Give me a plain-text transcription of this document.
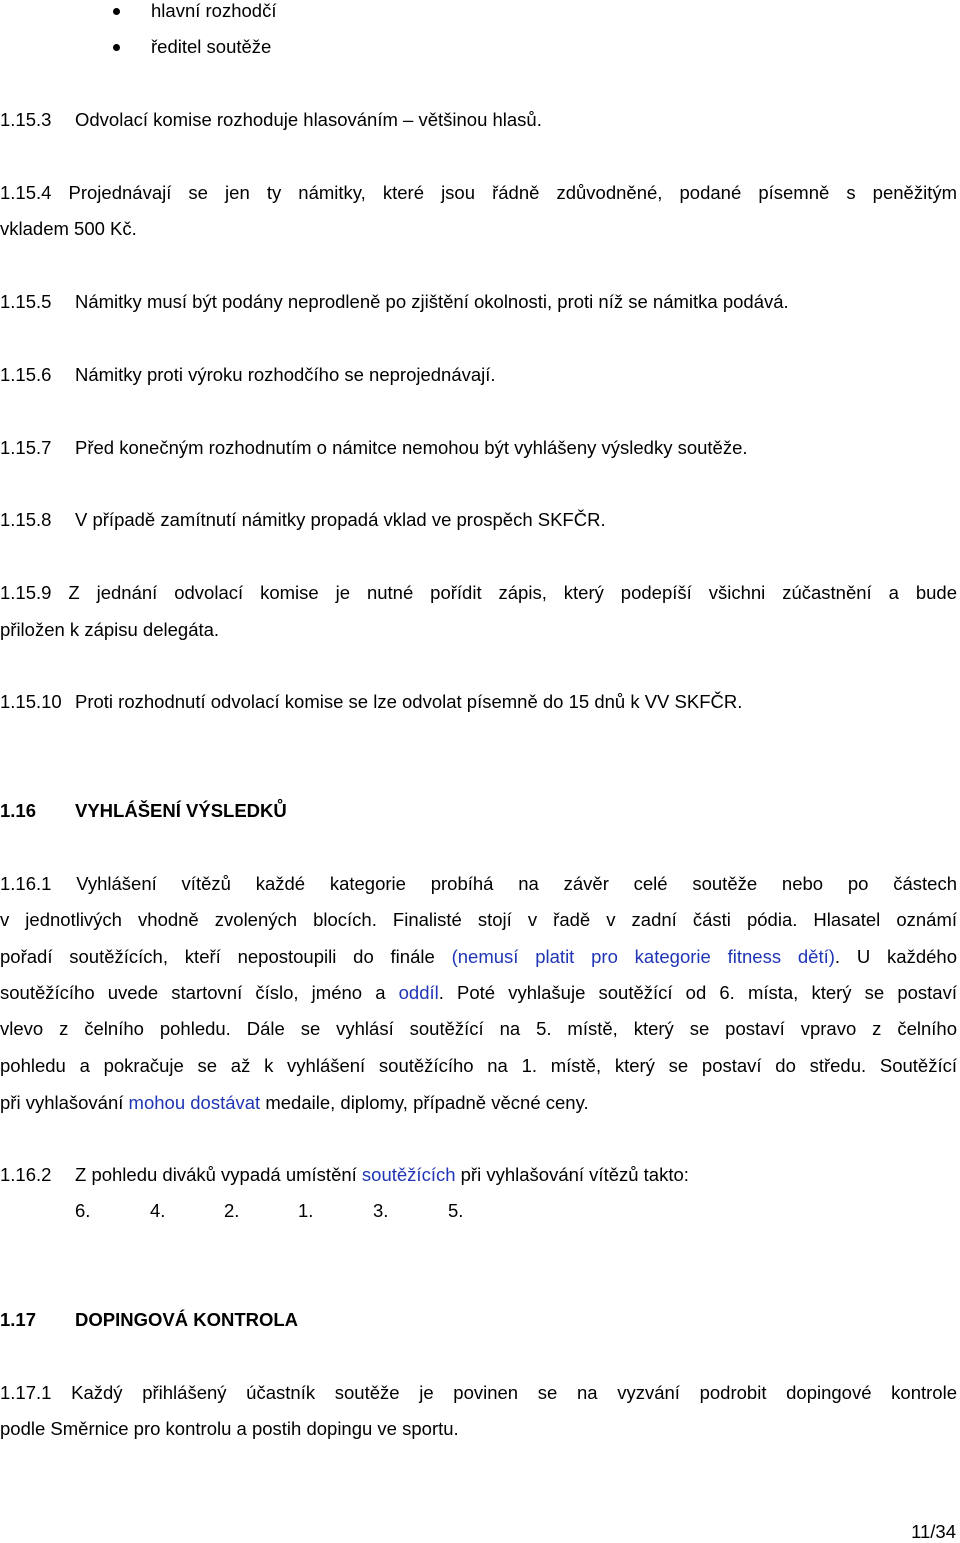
hlavní rozhodčí
ředitel soutěže
1.15.3 Odvolací komise rozhoduje hlasováním – většinou hlasů.
1.15.4 Projednávají se jen ty námitky, které jsou řádně zdůvodněné, podané písemně s peněžitým
vkladem 500 Kč.
1.15.5 Námitky musí být podány neprodleně po zjištění okolnosti, proti níž se námitka podává.
1.15.6 Námitky proti výroku rozhodčího se neprojednávají.
1.15.7 Před konečným rozhodnutím o námitce nemohou být vyhlášeny výsledky soutěže.
1.15.8 V případě zamítnutí námitky propadá vklad ve prospěch SKFČR.
1.15.9 Z jednání odvolací komise je nutné pořídit zápis, který podepíší všichni zúčastnění a bude
přiložen k zápisu delegáta.
1.15.10 Proti rozhodnutí odvolací komise se lze odvolat písemně do 15 dnů k VV SKFČR.
1.16 VYHLÁŠENÍ VÝSLEDKŮ
1.16.1 Vyhlášení vítězů každé kategorie probíhá na závěr celé soutěže nebo po částech
v jednotlivých vhodně zvolených blocích. Finalisté stojí v řadě v zadní části pódia. Hlasatel oznámí
pořadí soutěžících, kteří nepostoupili do finále (nemusí platit pro kategorie fitness dětí). U každého
soutěžícího uvede startovní číslo, jméno a oddíl. Poté vyhlašuje soutěžící od 6. místa, který se postaví
vlevo z čelního pohledu. Dále se vyhlásí soutěžící na 5. místě, který se postaví vpravo z čelního
pohledu a pokračuje se až k vyhlášení soutěžícího na 1. místě, který se postaví do středu. Soutěžící
při vyhlašování mohou dostávat medaile, diplomy, případně věcné ceny.
1.16.2 Z pohledu diváků vypadá umístění soutěžících při vyhlašování vítězů takto:
6.	4.	2.	1.	3.	5.
1.17 DOPINGOVÁ KONTROLA
1.17.1 Každý přihlášený účastník soutěže je povinen se na vyzvání podrobit dopingové kontrole
podle Směrnice pro kontrolu a postih dopingu ve sportu.
11/34
